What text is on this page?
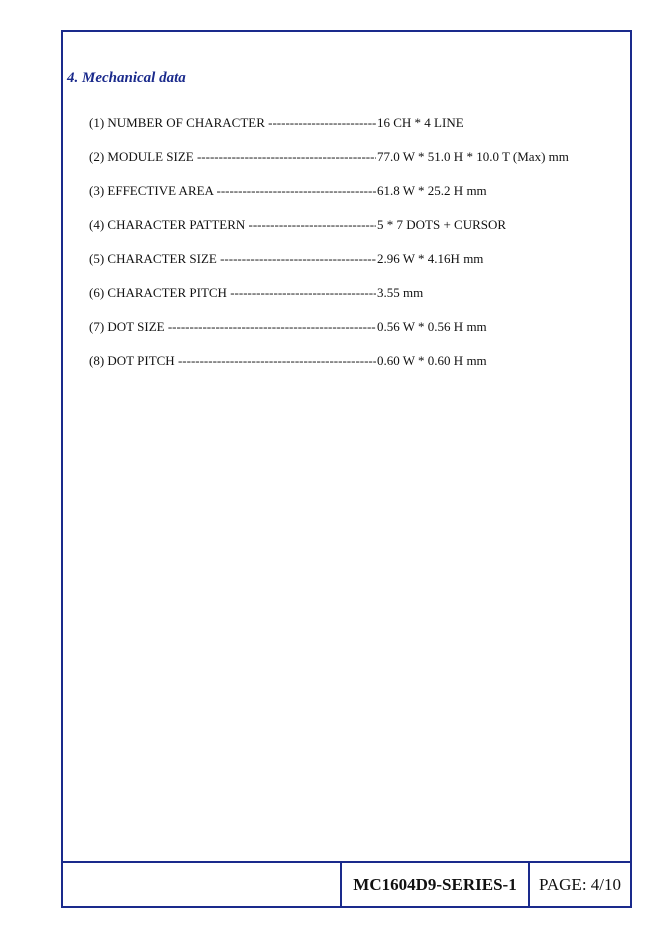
4. Mechanical data
(1) NUMBER OF CHARACTER -----	16 CH * 4 LINE
(2) MODULE SIZE -----	77.0 W * 51.0 H * 10.0 T (Max) mm
(3) EFFECTIVE AREA -----	61.8 W * 25.2 H mm
(4) CHARACTER PATTERN -----	5 * 7 DOTS + CURSOR
(5) CHARACTER SIZE -----	2.96 W * 4.16H mm
(6) CHARACTER PITCH -----	3.55 mm
(7) DOT SIZE -----	0.56 W * 0.56 H mm
(8) DOT PITCH -----	0.60 W * 0.60 H mm
MC1604D9-SERIES-1	PAGE: 4/10
